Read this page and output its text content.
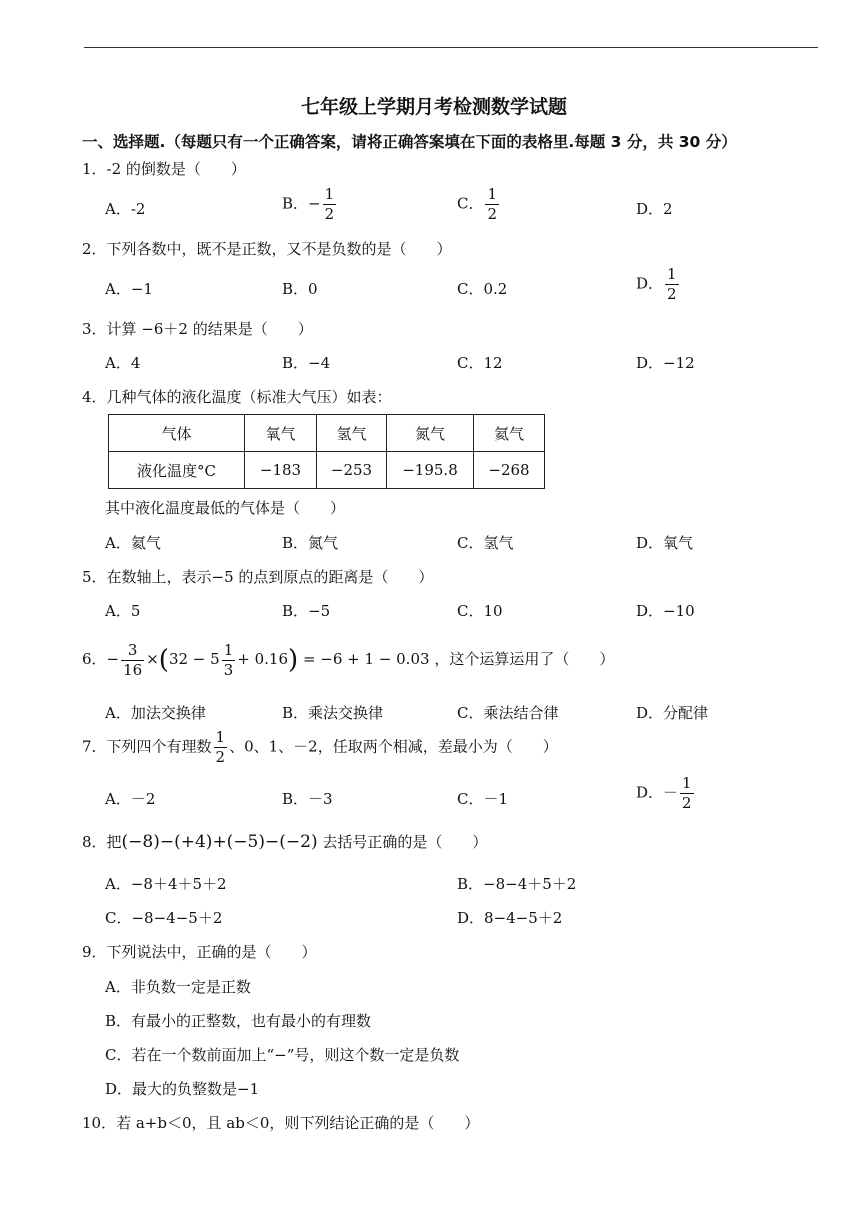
七年级上学期月考检测数学试题
一、选择题.（每题只有一个正确答案，请将正确答案填在下面的表格里.每题 3 分，共 30 分）
1．-2 的倒数是（　　）
A．-2	B．− $\frac{1}{2}$	C． $\frac{1}{2}$	D．2
2．下列各数中，既不是正数，又不是负数的是（　　）
A．−1	B．0	C．0.2	D． $\frac{1}{2}$
3．计算 −6＋2 的结果是（　　）
A．4	B．−4	C．12	D．−12
4．几种气体的液化温度（标准大气压）如表：
气体	氧气	氢气	氮气	氦气
液化温度°C	−183	−253	−195.8	−268
其中液化温度最低的气体是（　　）
A．氦气	B．氮气	C．氢气	D．氧气
5．在数轴上，表示−5 的点到原点的距离是（　　）
A．5	B．−5	C．10	D．−10
6．− $\frac{3}{16} \times(32 - 5 \frac{1}{3} + 0.16) = -6 + 1 - 0.03$ ，这个运算运用了（　　）
A．加法交换律	B．乘法交换律	C．乘法结合律	D．分配律
7．下列四个有理数 $\frac{1}{2}$ 、0、1、－2，任取两个相减，差最小为（　　）
A．－2	B．－3	C．－1	D．－ $\frac{1}{2}$
8．把(−8)−(+4)+(−5)−(−2) 去括号正确的是（　　）
A．−8＋4＋5＋2	B．−8−4＋5＋2
C．−8−4−5＋2	D．8−4−5＋2
9．下列说法中，正确的是（　　）
A．非负数一定是正数
B．有最小的正整数，也有最小的有理数
C．若在一个数前面加上“−”号，则这个数一定是负数
D．最大的负整数是−1
10．若 a+b＜0，且 ab＜0，则下列结论正确的是（　　）
